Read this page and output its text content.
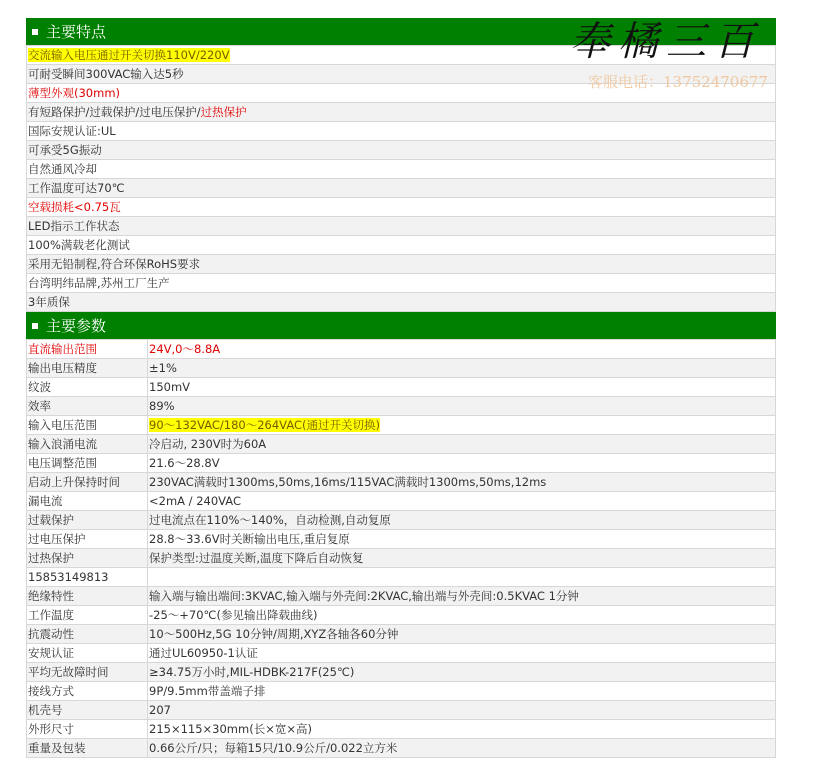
主要特点
交流输入电压通过开关切换110V/220V
可耐受瞬间300VAC输入达5秒
薄型外观(30mm)
有短路保护/过载保护/过电压保护/过热保护
国际安规认证:UL
可承受5G振动
自然通风冷却
工作温度可达70℃
空载损耗<0.75瓦
LED指示工作状态
100%满载老化测试
采用无铅制程,符合环保RoHS要求
台湾明纬品牌,苏州工厂生产
3年质保
主要参数
直流输出范围	24V,0～8.8A
输出电压精度	±1%
纹波	150mV
效率	89%
输入电压范围	90～132VAC/180～264VAC(通过开关切换)
输入浪涌电流	冷启动, 230V时为60A
电压调整范围	21.6～28.8V
启动上升保持时间	230VAC满载时1300ms,50ms,16ms/115VAC满载时1300ms,50ms,12ms
漏电流	<2mA / 240VAC
过载保护	过电流点在110%～140%，自动检测,自动复原
过电压保护	28.8～33.6V时关断输出电压,重启复原
过热保护	保护类型:过温度关断,温度下降后自动恢复
15853149813	
绝缘特性	输入端与输出端间:3KVAC,输入端与外壳间:2KVAC,输出端与外壳间:0.5KVAC 1分钟
工作温度	-25～+70℃(参见输出降载曲线)
抗震动性	10～500Hz,5G 10分钟/周期,XYZ各轴各60分钟
安规认证	通过UL60950-1认证
平均无故障时间	≥34.75万小时,MIL-HDBK-217F(25℃)
接线方式	9P/9.5mm带盖端子排
机壳号	207
外形尺寸	215×115×30mm(长×宽×高)
重量及包装	0.66公斤/只；每箱15只/10.9公斤/0.022立方米
奉橘三百
客服电话：13752470677
